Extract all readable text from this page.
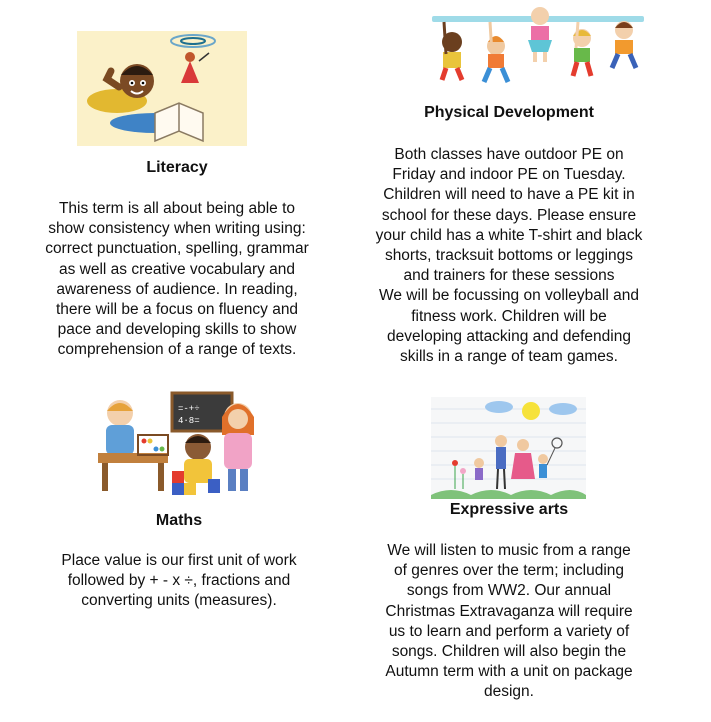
Literacy
This term is all about being able to
show consistency when writing using:
correct punctuation, spelling, grammar
as well as creative vocabulary and
awareness of audience. In reading,
there will be a focus on fluency and
pace and developing skills to show
comprehension of a range of texts.
Physical Development
Both classes have outdoor PE on
Friday and indoor PE on Tuesday.
Children will need to have a PE kit in
school for these days. Please ensure
your child has a white T-shirt and black
shorts, tracksuit bottoms or leggings
and trainers for these sessions
We will be focussing on volleyball and
fitness work. Children will be
developing attacking and defending
skills in a range of team games.
=-+÷
4·8=
Maths
Place value is our first unit of work
followed by + - x ÷, fractions and
converting units (measures).
Expressive arts
We will listen to music from a range
of genres over the term; including
songs from WW2. Our annual
Christmas Extravaganza will require
us to learn and perform a variety of
songs. Children will also begin the
Autumn term with a unit on package
design.
